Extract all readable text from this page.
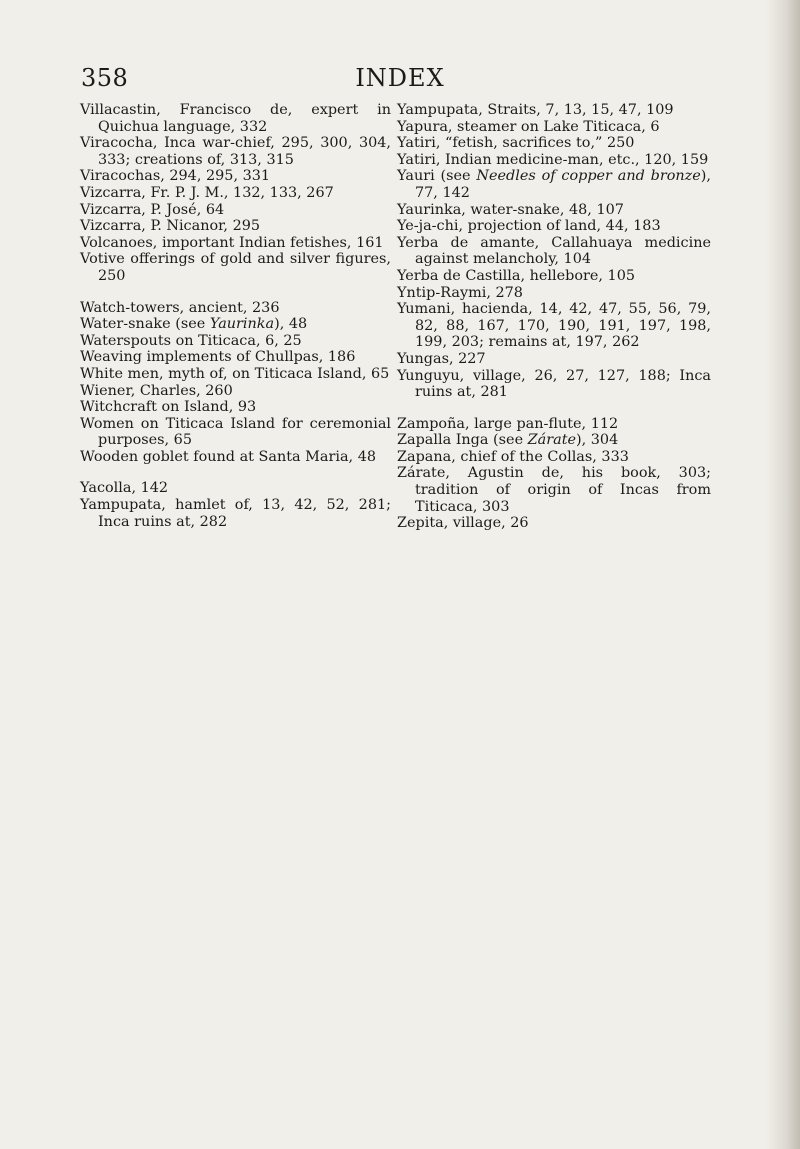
358	INDEX

Villacastin, Francisco de, expert in Quichua language, 332

Viracocha, Inca war-chief, 295, 300, 304, 333; creations of, 313, 315

Viracochas, 294, 295, 331

Vizcarra, Fr. P. J. M., 132, 133, 267

Vizcarra, P. José, 64

Vizcarra, P. Nicanor, 295

Volcanoes, important Indian fetishes, 161

Votive offerings of gold and silver figures, 250

Watch-towers, ancient, 236

Water-snake (see Yaurinka), 48

Waterspouts on Titicaca, 6, 25

Weaving implements of Chullpas, 186

White men, myth of, on Titicaca Island, 65

Wiener, Charles, 260

Witchcraft on Island, 93

Women on Titicaca Island for ceremonial purposes, 65

Wooden goblet found at Santa Maria, 48

Yacolla, 142

Yampupata, hamlet of, 13, 42, 52, 281; Inca ruins at, 282

Yampupata, Straits, 7, 13, 15, 47, 109

Yapura, steamer on Lake Titicaca, 6

Yatiri, “fetish, sacrifices to,” 250

Yatiri, Indian medicine-man, etc., 120, 159

Yauri (see Needles of copper and bronze), 77, 142

Yaurinka, water-snake, 48, 107

Ye-ja-chi, projection of land, 44, 183

Yerba de amante, Callahuaya medicine against melancholy, 104

Yerba de Castilla, hellebore, 105

Yntip-Raymi, 278

Yumani, hacienda, 14, 42, 47, 55, 56, 79, 82, 88, 167, 170, 190, 191, 197, 198, 199, 203; remains at, 197, 262

Yungas, 227

Yunguyu, village, 26, 27, 127, 188; Inca ruins at, 281

Zampoña, large pan-flute, 112

Zapalla Inga (see Zárate), 304

Zapana, chief of the Collas, 333

Zárate, Agustin de, his book, 303; tradition of origin of Incas from Titicaca, 303

Zepita, village, 26
